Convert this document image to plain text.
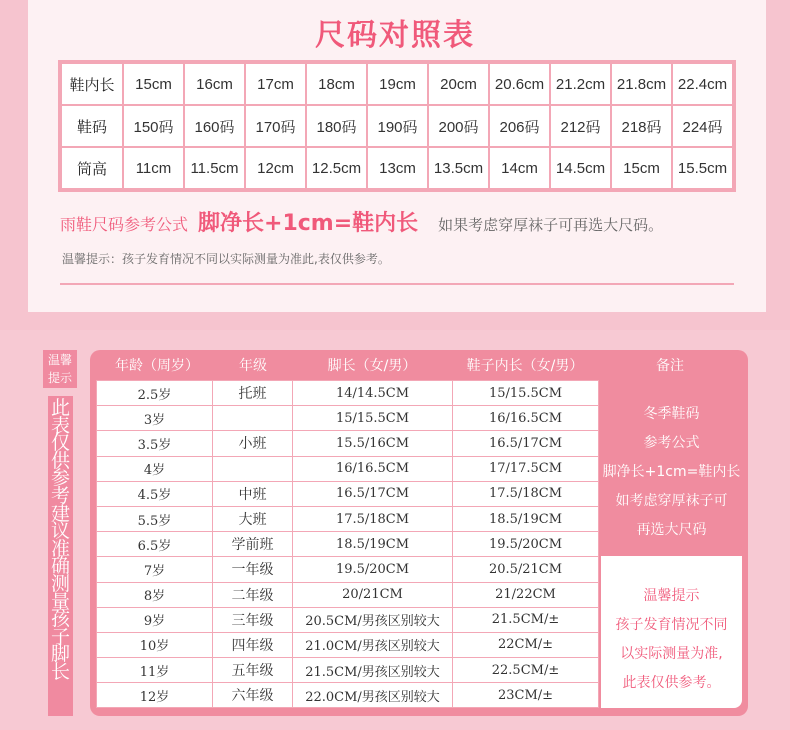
尺码对照表
鞋内长	15cm	16cm	17cm	18cm	19cm	20cm	20.6cm	21.2cm	21.8cm	22.4cm
鞋码	150码	160码	170码	180码	190码	200码	206码	212码	218码	224码
筒高	11cm	11.5cm	12cm	12.5cm	13cm	13.5cm	14cm	14.5cm	15cm	15.5cm
雨鞋尺码参考公式 脚净长+1cm=鞋内长 如果考虑穿厚袜子可再选大尺码。
温馨提示：孩子发育情况不同以实际测量为准此,表仅供参考。
温馨提示
此表仅供参考 建议准确测量孩子脚长
年龄（周岁）	年级	脚长（女/男）	鞋子内长（女/男）	备注
2.5岁	托班	14/14.5CM	15/15.5CM
3岁		15/15.5CM	16/16.5CM
3.5岁	小班	15.5/16CM	16.5/17CM
4岁		16/16.5CM	17/17.5CM
4.5岁	中班	16.5/17CM	17.5/18CM
5.5岁	大班	17.5/18CM	18.5/19CM
6.5岁	学前班	18.5/19CM	19.5/20CM
7岁	一年级	19.5/20CM	20.5/21CM
8岁	二年级	20/21CM	21/22CM
9岁	三年级	20.5CM/男孩区别较大	21.5CM/±
10岁	四年级	21.0CM/男孩区别较大	22CM/±
11岁	五年级	21.5CM/男孩区别较大	22.5CM/±
12岁	六年级	22.0CM/男孩区别较大	23CM/±
冬季鞋码
参考公式
脚净长+1cm=鞋内长
如考虑穿厚袜子可
再选大尺码
温馨提示
孩子发育情况不同
以实际测量为准,
此表仅供参考。
